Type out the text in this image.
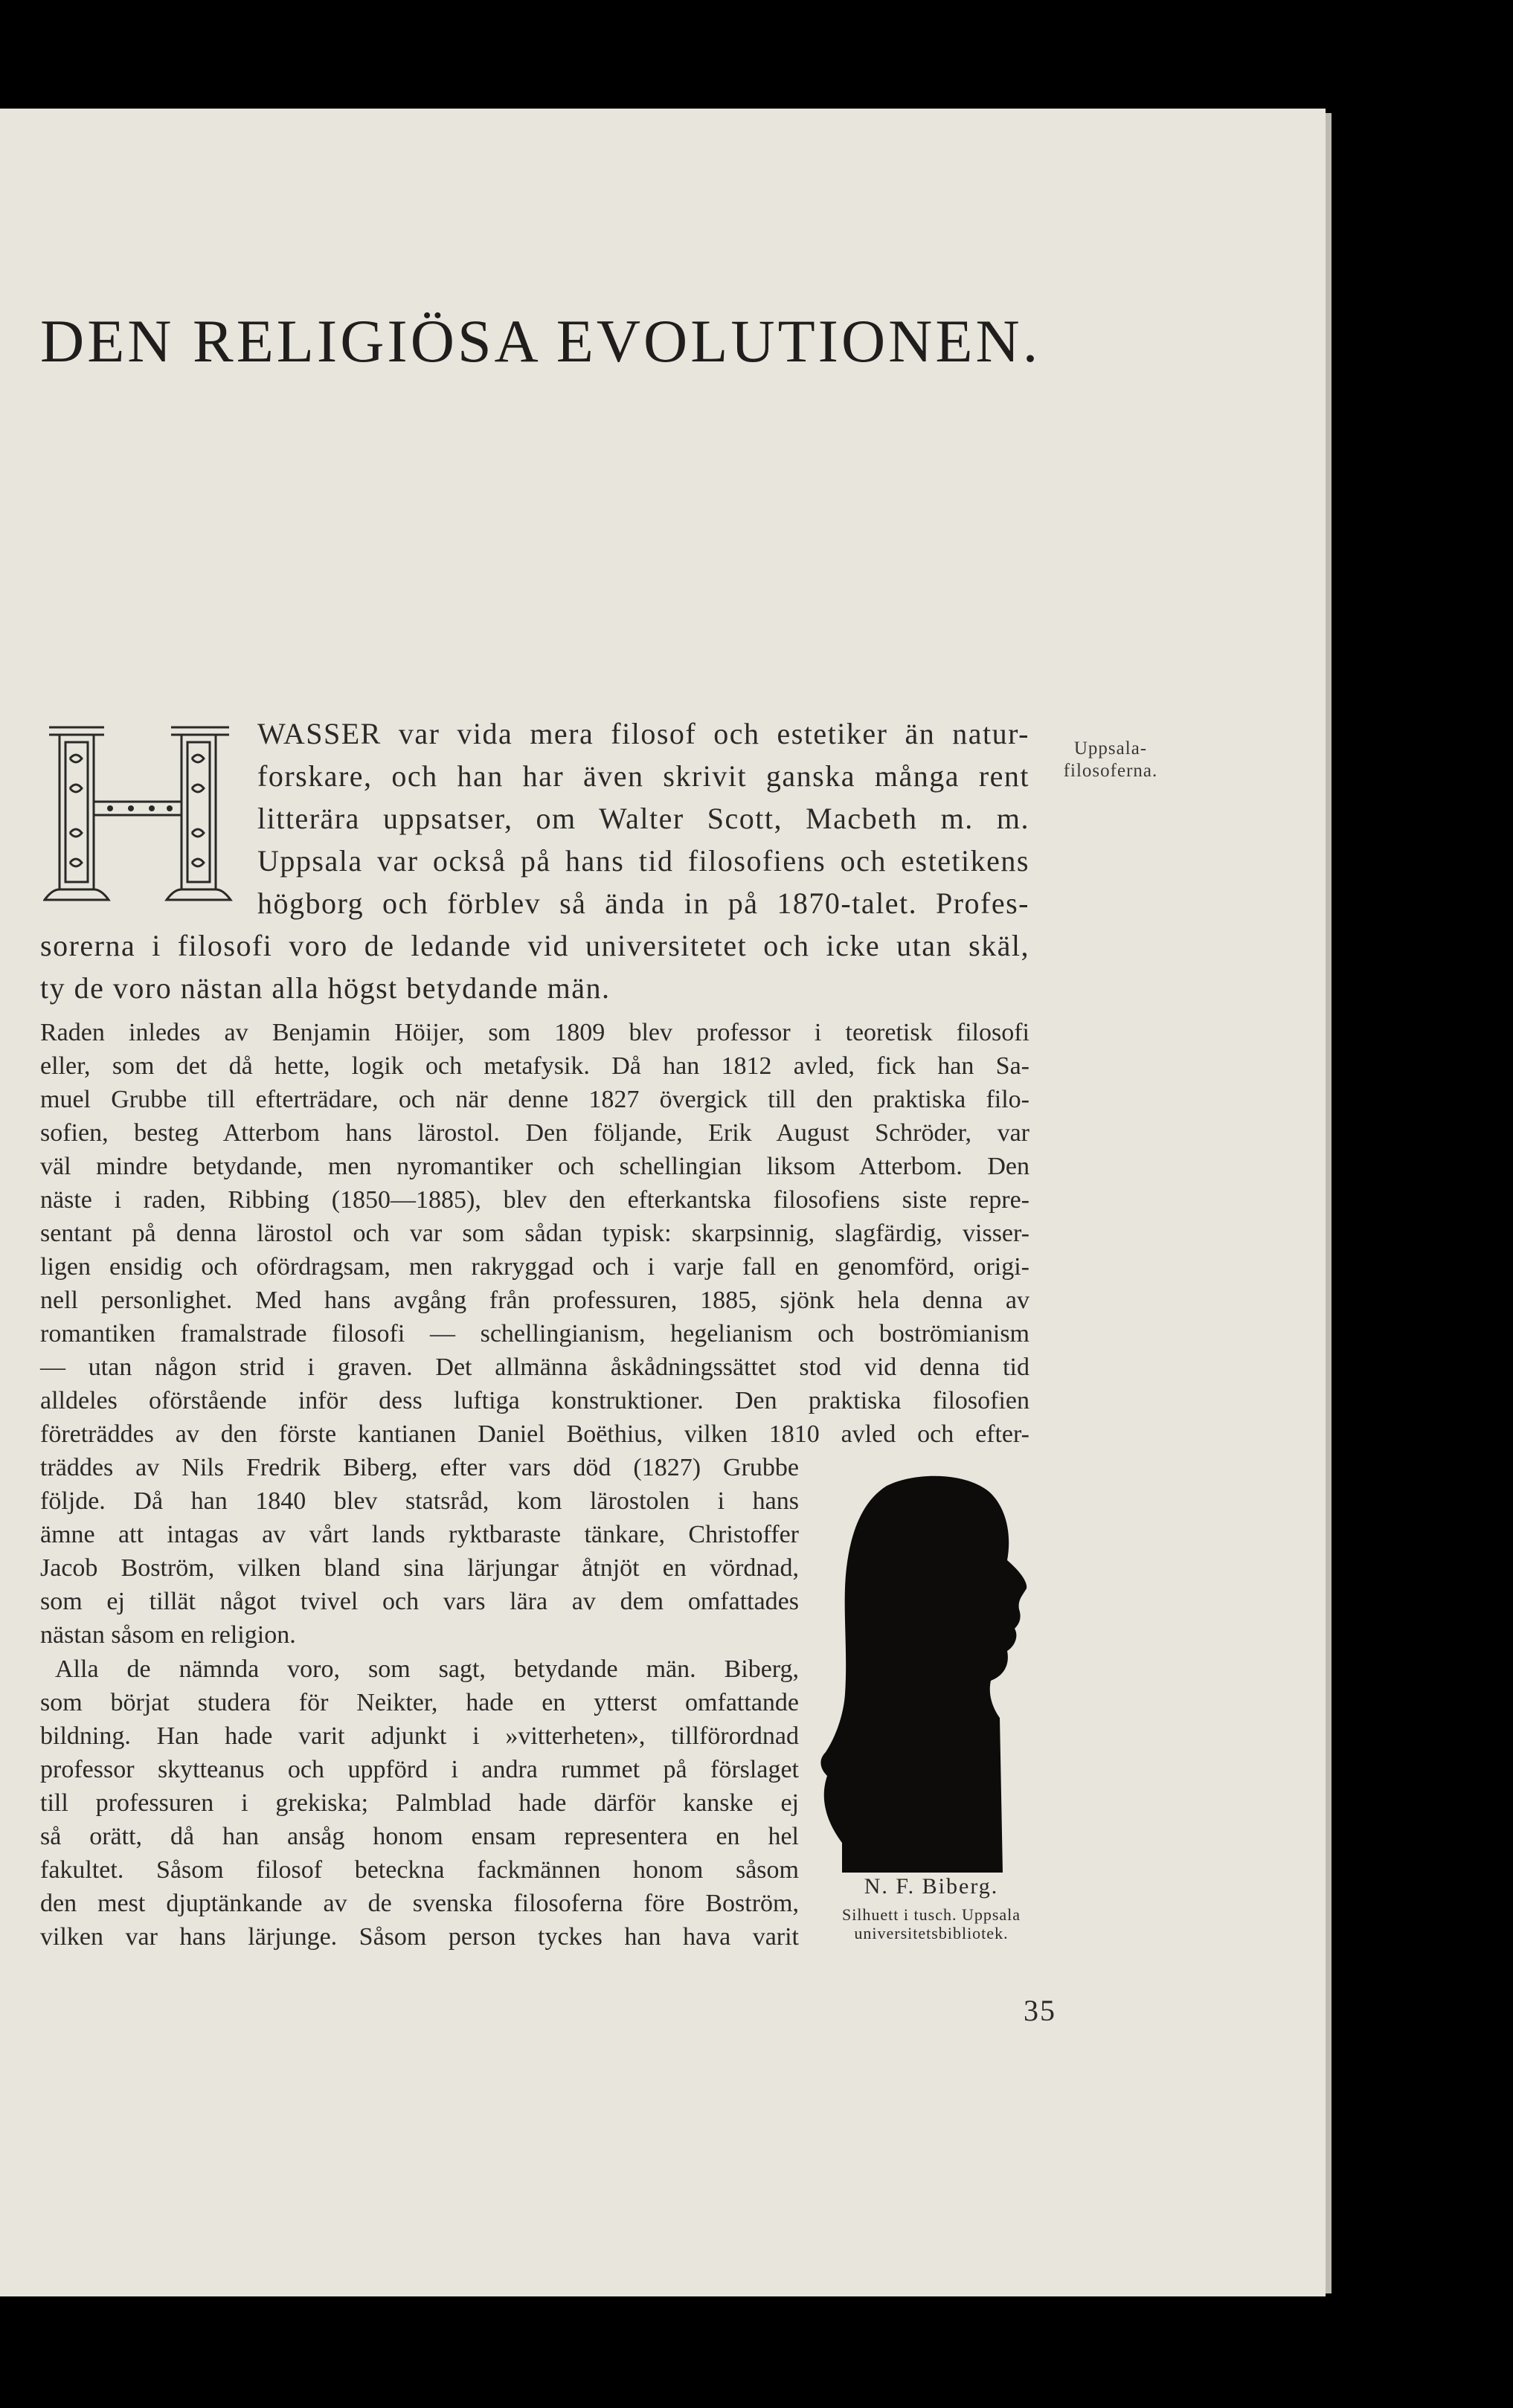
DEN RELIGIÖSA EVOLUTIONEN.

Uppsala-
filosoferna.

WASSER var vida mera filosof och estetiker än natur-
forskare, och han har även skrivit ganska många rent
litterära uppsatser, om Walter Scott, Macbeth m. m.
Uppsala var också på hans tid filosofiens och estetikens
högborg och förblev så ända in på 1870-talet. Profes-

sorerna i filosofi voro de ledande vid universitetet och icke utan skäl,
ty de voro nästan alla högst betydande män.

Raden inledes av Benjamin Höijer, som 1809 blev professor i teoretisk filosofi
eller, som det då hette, logik och metafysik. Då han 1812 avled, fick han Sa-
muel Grubbe till efterträdare, och när denne 1827 övergick till den praktiska filo-
sofien, besteg Atterbom hans lärostol. Den följande, Erik August Schröder, var
väl mindre betydande, men nyromantiker och schellingian liksom Atterbom. Den
näste i raden, Ribbing (1850—1885), blev den efterkantska filosofiens siste repre-
sentant på denna lärostol och var som sådan typisk: skarpsinnig, slagfärdig, visser-
ligen ensidig och ofördragsam, men rakryggad och i varje fall en genomförd, origi-
nell personlighet. Med hans avgång från professuren, 1885, sjönk hela denna av
romantiken framalstrade filosofi — schellingianism, hegelianism och boströmianism
— utan någon strid i graven. Det allmänna åskådningssättet stod vid denna tid
alldeles oförstående inför dess luftiga konstruktioner. Den praktiska filosofien
företräddes av den förste kantianen Daniel Boëthius, vilken 1810 avled och efter-

träddes av Nils Fredrik Biberg, efter vars död (1827) Grubbe
följde. Då han 1840 blev statsråd, kom lärostolen i hans
ämne att intagas av vårt lands ryktbaraste tänkare, Christoffer
Jacob Boström, vilken bland sina lärjungar åtnjöt en vördnad,
som ej tillät något tvivel och vars lära av dem omfattades
nästan såsom en religion.

Alla de nämnda voro, som sagt, betydande män. Biberg,
som börjat studera för Neikter, hade en ytterst omfattande
bildning. Han hade varit adjunkt i »vitterheten», tillförordnad
professor skytteanus och uppförd i andra rummet på förslaget
till professuren i grekiska; Palmblad hade därför kanske ej
så orätt, då han ansåg honom ensam representera en hel
fakultet. Såsom filosof beteckna fackmännen honom såsom
den mest djuptänkande av de svenska filosoferna före Boström,
vilken var hans lärjunge. Såsom person tyckes han hava varit

N. F. Biberg.

Silhuett i tusch. Uppsala
universitetsbibliotek.

35
